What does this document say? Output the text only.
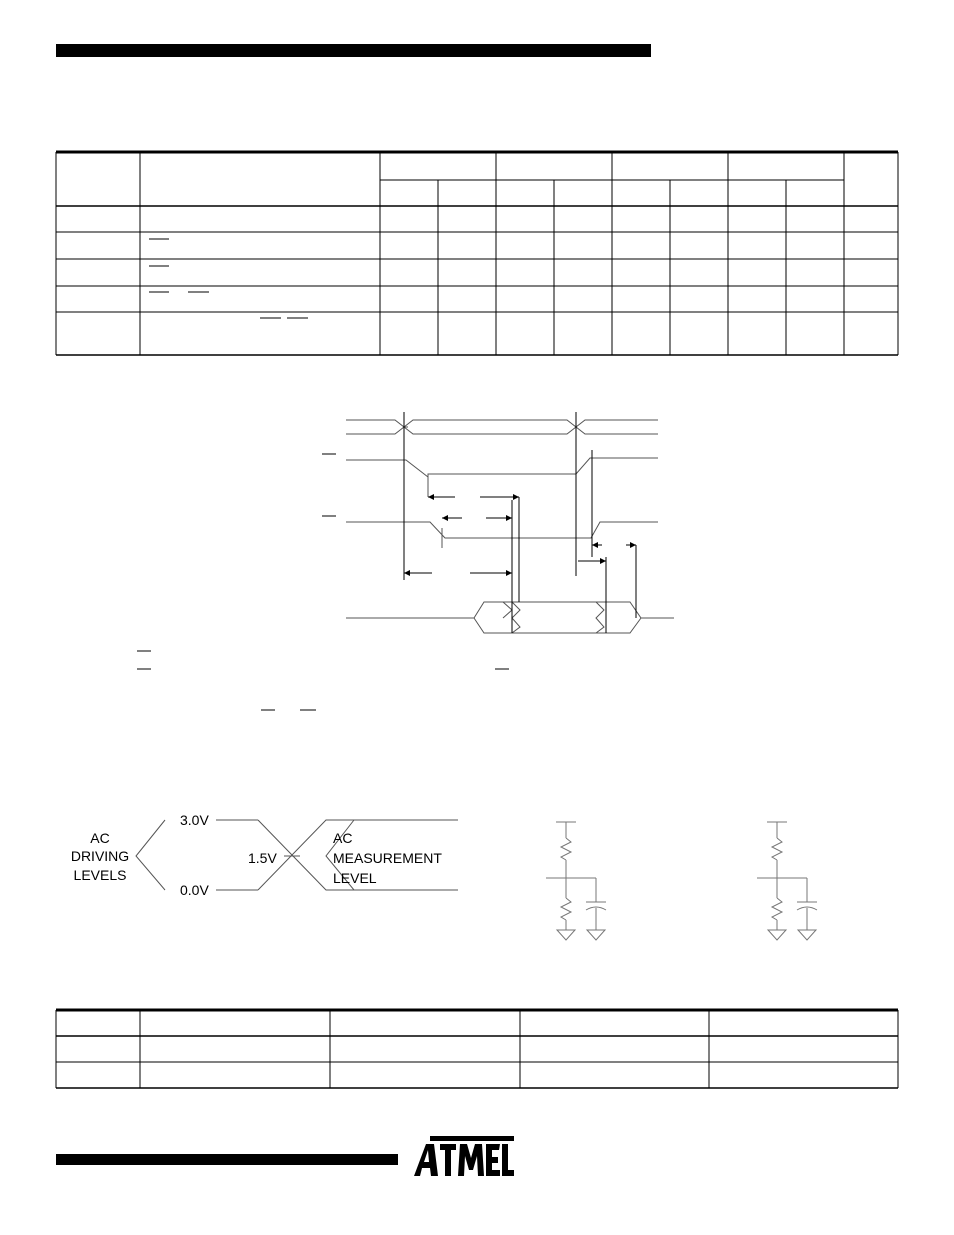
AC
DRIVING
LEVELS
3.0V
0.0V
1.5V
AC
MEASUREMENT
LEVEL
